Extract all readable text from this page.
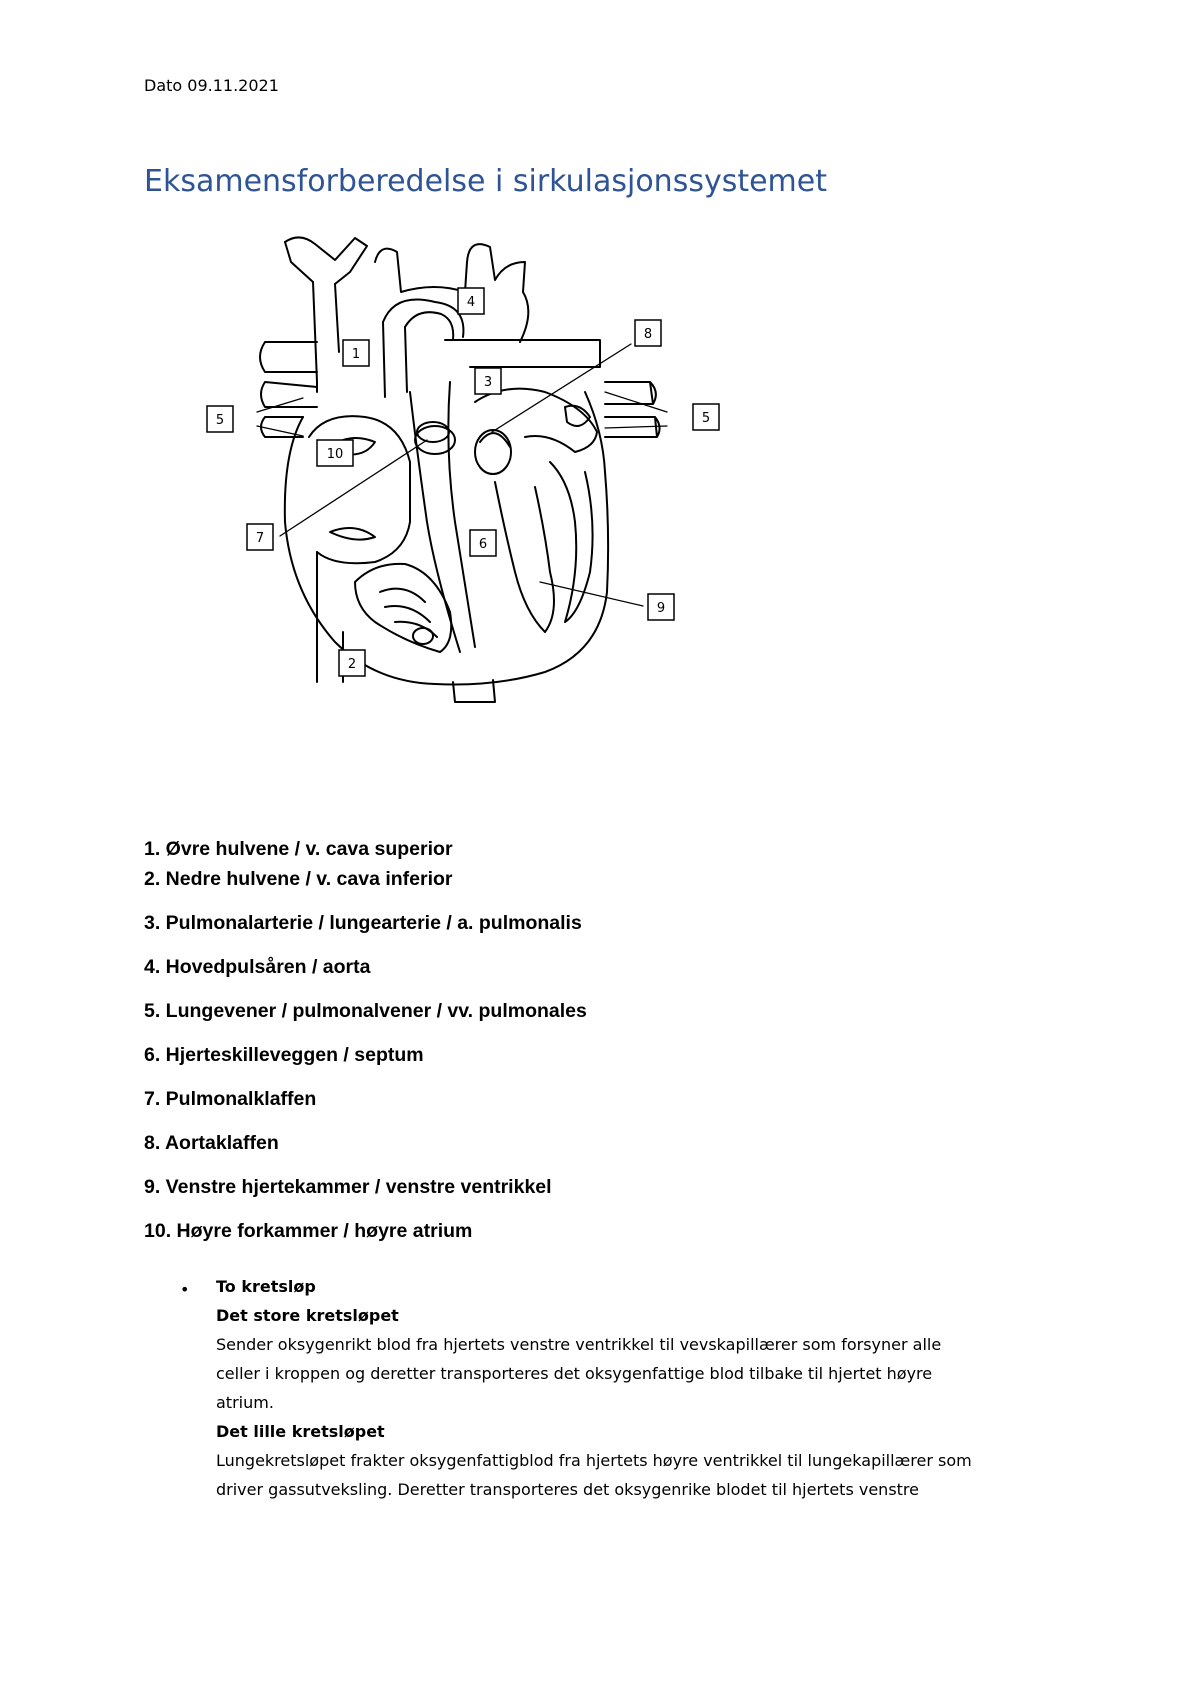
Dato 09.11.2021
Eksamensforberedelse i sirkulasjonssystemet
1
2
3
4
5	5
6
7
8
9
10
1. Øvre hulvene / v. cava superior
2. Nedre hulvene / v. cava inferior
3. Pulmonalarterie / lungearterie / a. pulmonalis
4. Hovedpulsåren / aorta
5. Lungevener / pulmonalvener / vv. pulmonales
6. Hjerteskilleveggen / septum
7. Pulmonalklaffen
8. Aortaklaffen
9. Venstre hjertekammer / venstre ventrikkel
10. Høyre forkammer / høyre atrium
• To kretsløp
Det store kretsløpet
Sender oksygenrikt blod fra hjertets venstre ventrikkel til vevskapillærer som forsyner alle
celler i kroppen og deretter transporteres det oksygenfattige blod tilbake til hjertet høyre
atrium.
Det lille kretsløpet
Lungekretsløpet frakter oksygenfattigblod fra hjertets høyre ventrikkel til lungekapillærer som
driver gassutveksling. Deretter transporteres det oksygenrike blodet til hjertets venstre
